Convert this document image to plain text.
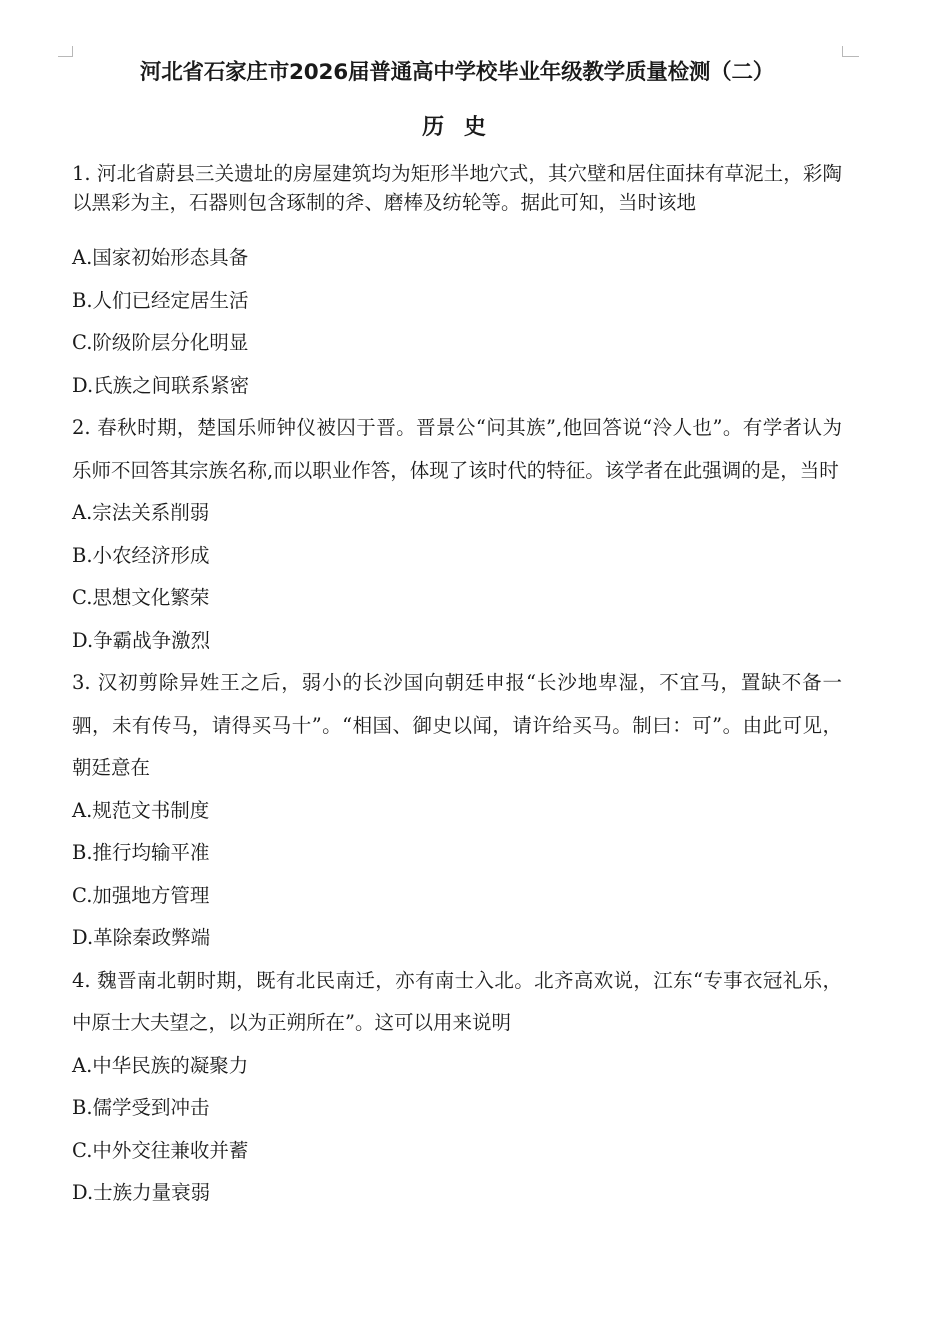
河北省石家庄市2026届普通高中学校毕业年级教学质量检测（二）
历 史

1. 河北省蔚县三关遗址的房屋建筑均为矩形半地穴式，其穴壁和居住面抹有草泥土，彩陶以黑彩为主，石器则包含琢制的斧、磨棒及纺轮等。据此可知，当时该地

A.国家初始形态具备
B.人们已经定居生活
C.阶级阶层分化明显
D.氏族之间联系紧密

2. 春秋时期，楚国乐师钟仪被囚于晋。晋景公“问其族”,他回答说“泠人也”。有学者认为乐师不回答其宗族名称,而以职业作答，体现了该时代的特征。该学者在此强调的是，当时

A.宗法关系削弱
B.小农经济形成
C.思想文化繁荣
D.争霸战争激烈

3. 汉初剪除异姓王之后，弱小的长沙国向朝廷申报“长沙地卑湿，不宜马，置缺不备一驷，未有传马，请得买马十”。“相国、御史以闻，请许给买马。制曰：可”。由此可见，朝廷意在

A.规范文书制度
B.推行均输平准
C.加强地方管理
D.革除秦政弊端

4. 魏晋南北朝时期，既有北民南迁，亦有南士入北。北齐高欢说，江东“专事衣冠礼乐，中原士大夫望之，以为正朔所在”。这可以用来说明

A.中华民族的凝聚力
B.儒学受到冲击
C.中外交往兼收并蓄
D.士族力量衰弱
